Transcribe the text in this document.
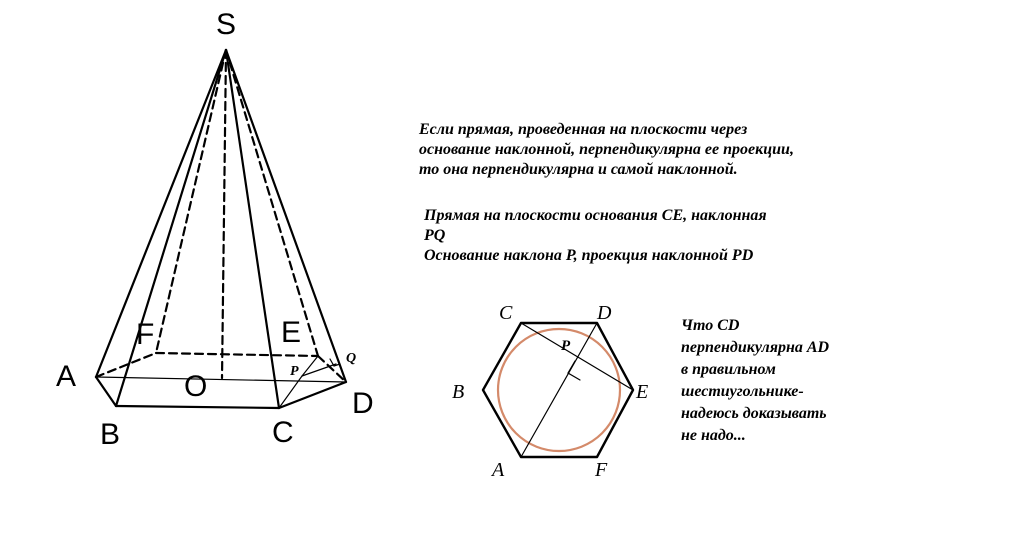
S
A
B	C
D
E
F
O	P
Q
C	D
B	E
A	F
P
Если прямая, проведенная на плоскости через
основание наклонной, перпендикулярна ее проекции,
то она перпендикулярна и самой наклонной.
Прямая на плоскости основания CE, наклонная
PQ
Основание наклона P, проекция наклонной PD
Что CD
перпендикулярна AD
в правильном
шестиугольнике-
надеюсь доказывать
не надо...
